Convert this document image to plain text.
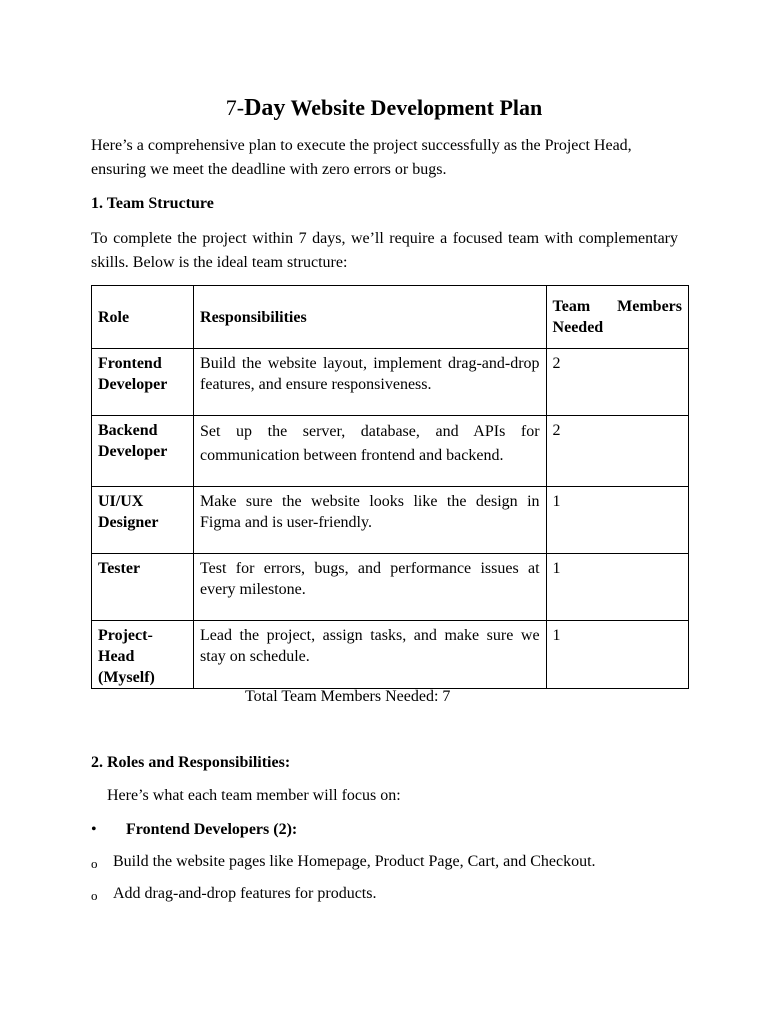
7-Day Website Development Plan
Here’s a comprehensive plan to execute the project successfully as the Project Head, ensuring we meet the deadline with zero errors or bugs.
1. Team Structure
To complete the project within 7 days, we’ll require a focused team with complementary skills. Below is the ideal team structure:
Role	Responsibilities	Team Members Needed
Frontend Developer	Build the website layout, implement drag-and-drop features, and ensure responsiveness.	2
Backend Developer	Set up the server, database, and APIs for communication between frontend and backend.	2
UI/UX Designer	Make sure the website looks like the design in Figma and is user-friendly.	1
Tester	Test for errors, bugs, and performance issues at every milestone.	1
Project-Head (Myself)	Lead the project, assign tasks, and make sure we stay on schedule.	1
Total Team Members Needed: 7
2. Roles and Responsibilities:
Here’s what each team member will focus on:
• Frontend Developers (2):
o Build the website pages like Homepage, Product Page, Cart, and Checkout.
o Add drag-and-drop features for products.
